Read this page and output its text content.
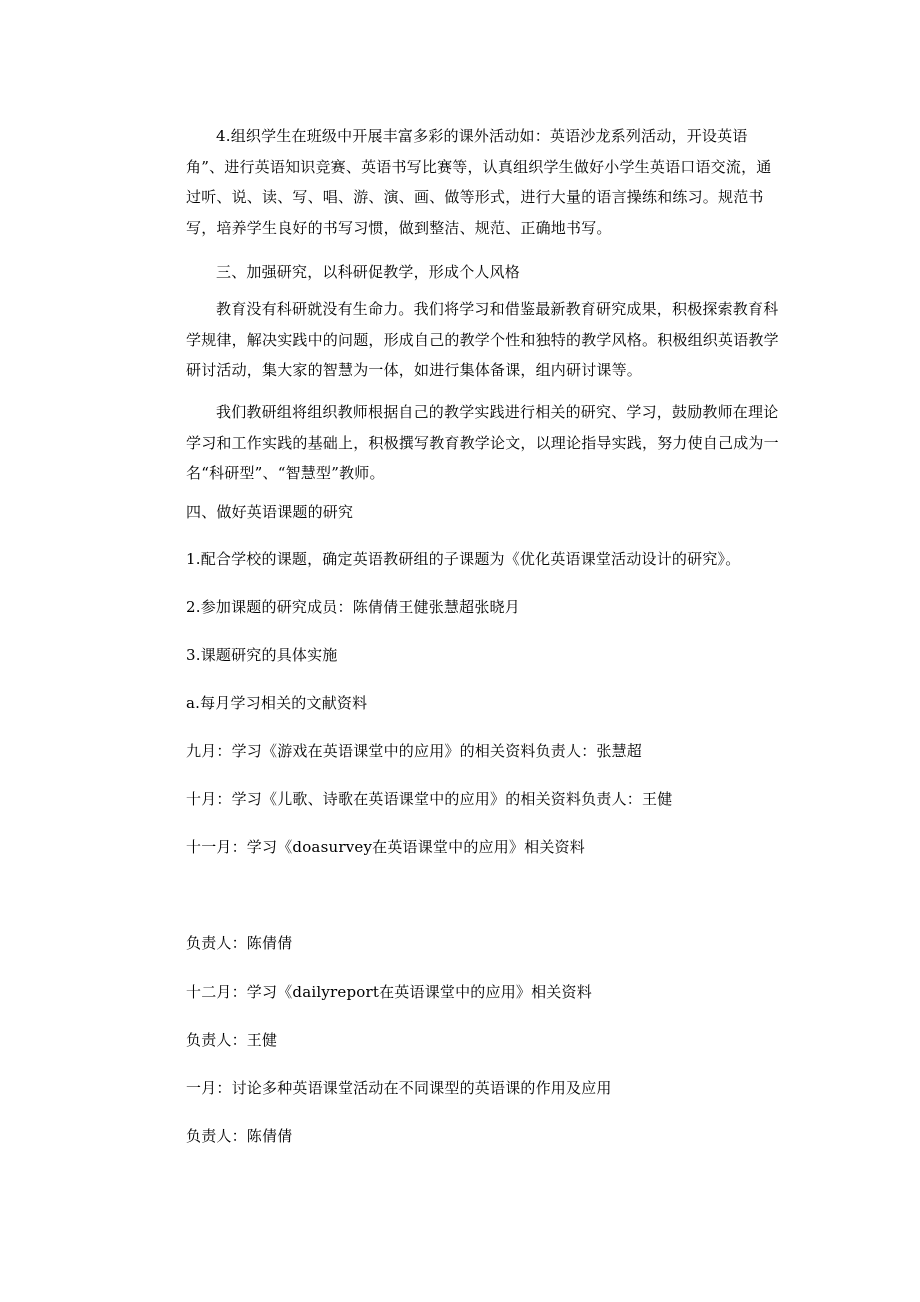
4.组织学生在班级中开展丰富多彩的课外活动如：英语沙龙系列活动，开设英语角”、进行英语知识竞赛、英语书写比赛等，认真组织学生做好小学生英语口语交流，通过听、说、读、写、唱、游、演、画、做等形式，进行大量的语言操练和练习。规范书写，培养学生良好的书写习惯，做到整洁、规范、正确地书写。

三、加强研究，以科研促教学，形成个人风格

教育没有科研就没有生命力。我们将学习和借鉴最新教育研究成果，积极探索教育科学规律，解决实践中的问题，形成自己的教学个性和独特的教学风格。积极组织英语教学研讨活动，集大家的智慧为一体，如进行集体备课，组内研讨课等。

我们教研组将组织教师根据自己的教学实践进行相关的研究、学习，鼓励教师在理论学习和工作实践的基础上，积极撰写教育教学论文，以理论指导实践，努力使自己成为一名“科研型”、“智慧型”教师。

四、做好英语课题的研究

1.配合学校的课题，确定英语教研组的子课题为《优化英语课堂活动设计的研究》。

2.参加课题的研究成员：陈倩倩王健张慧超张晓月

3.课题研究的具体实施

a.每月学习相关的文献资料

九月：学习《游戏在英语课堂中的应用》的相关资料负责人：张慧超

十月：学习《儿歌、诗歌在英语课堂中的应用》的相关资料负责人：王健

十一月：学习《doasurvey在英语课堂中的应用》相关资料

负责人：陈倩倩

十二月：学习《dailyreport在英语课堂中的应用》相关资料

负责人：王健

一月：讨论多种英语课堂活动在不同课型的英语课的作用及应用

负责人：陈倩倩
